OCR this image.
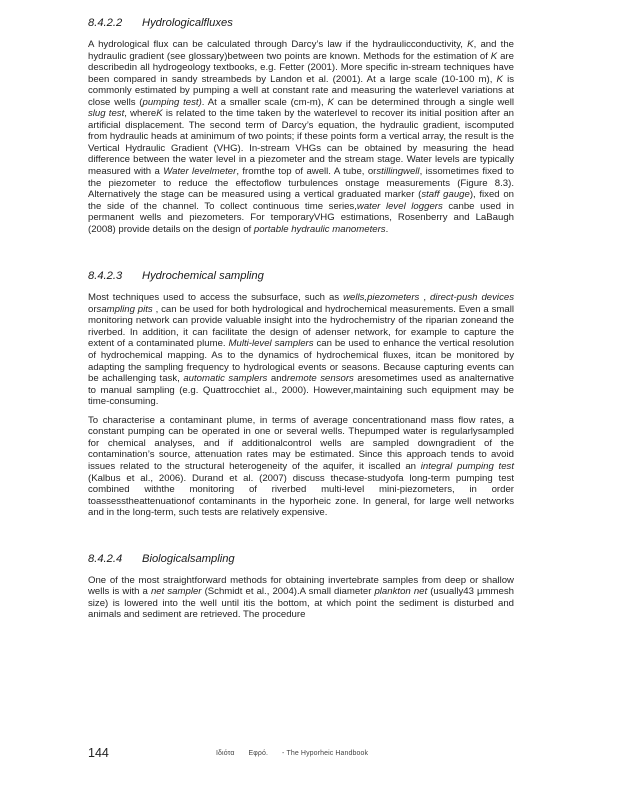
8.4.2.2 Hydrologicalfluxes

A hydrological flux can be calculated through Darcy’s law if the hydraulicconductivity, K, and the hydraulic gradient (see glossary)between two points are known. Methods for the estimation of K are describedin all hydrogeology textbooks, e.g. Fetter (2001). More specific in-stream techniques have been compared in sandy streambeds by Landon et al. (2001). At a large scale (10-100 m), K is commonly estimated by pumping a well at constant rate and measuring the waterlevel variations at close wells (pumping test). At a smaller scale (cm-m), K can be determined through a single well slug test, whereK is related to the time taken by the waterlevel to recover its initial position after an artificial displacement. The second term of Darcy’s equation, the hydraulic gradient, iscomputed from hydraulic heads at aminimum of two points; if these points form a vertical array, the result is the Vertical Hydraulic Gradient (VHG). In-stream VHGs can be obtained by measuring the head difference between the water level in a piezometer and the stream stage. Water levels are typically measured with a Water levelmeter, fromthe top of awell. A tube, orstillingwell, issometimes fixed to the piezometer to reduce the effectoflow turbulences onstage measurements (Figure 8.3). Alternatively the stage can be measured using a vertical graduated marker (staff gauge), fixed on the side of the channel. To collect continuous time series,water level loggers canbe used in permanent wells and piezometers. For temporaryVHG estimations, Rosenberry and LaBaugh (2008) provide details on the design of portable hydraulic manometers.

8.4.2.3 Hydrochemical sampling

Most techniques used to access the subsurface, such as wells,piezometers , direct-push devices orsampling pits , can be used for both hydrological and hydrochemical measurements. Even a small monitoring network can provide valuable insight into the hydrochemistry of the riparian zoneand the riverbed. In addition, it can facilitate the design of adenser network, for example to capture the extent of a contaminated plume. Multi-level samplers can be used to enhance the vertical resolution of hydrochemical mapping. As to the dynamics of hydrochemical fluxes, itcan be monitored by adapting the sampling frequency to hydrological events or seasons. Because capturing events can be achallenging task, automatic samplers andremote sensors aresometimes used as analternative to manual sampling (e.g. Quattrocchiet al., 2000). However,maintaining such equipment may be time-consuming.

To characterise a contaminant plume, in terms of average concentrationand mass flow rates, a constant pumping can be operated in one or several wells. Thepumped water is regularlysampled for chemical analyses, and if additionalcontrol wells are sampled downgradient of the contamination’s source, attenuation rates may be estimated. Since this approach tends to avoid issues related to the structural heterogeneity of the aquifer, it iscalled an integral pumping test (Kalbus et al., 2006). Durand et al. (2007) discuss thecase-studyofa long-term pumping test combined withthe monitoring of riverbed multi-level mini-piezometers, in order toassesstheattenuationof contaminants in the hyporheic zone. In general, for large well networks and in the long-term, such tests are relatively expensive.

8.4.2.4 Biologicalsampling

One of the most straightforward methods for obtaining invertebrate samples from deep or shallow wells is with a net sampler (Schmidt et al., 2004).A small diameter plankton net (usually43 μmmesh size) is lowered into the well until itis the bottom, at which point the sediment is disturbed and animals and sediment are retrieved. The procedure

144	Ιδιότα Εφρό. - The Hyporheic Handbook
